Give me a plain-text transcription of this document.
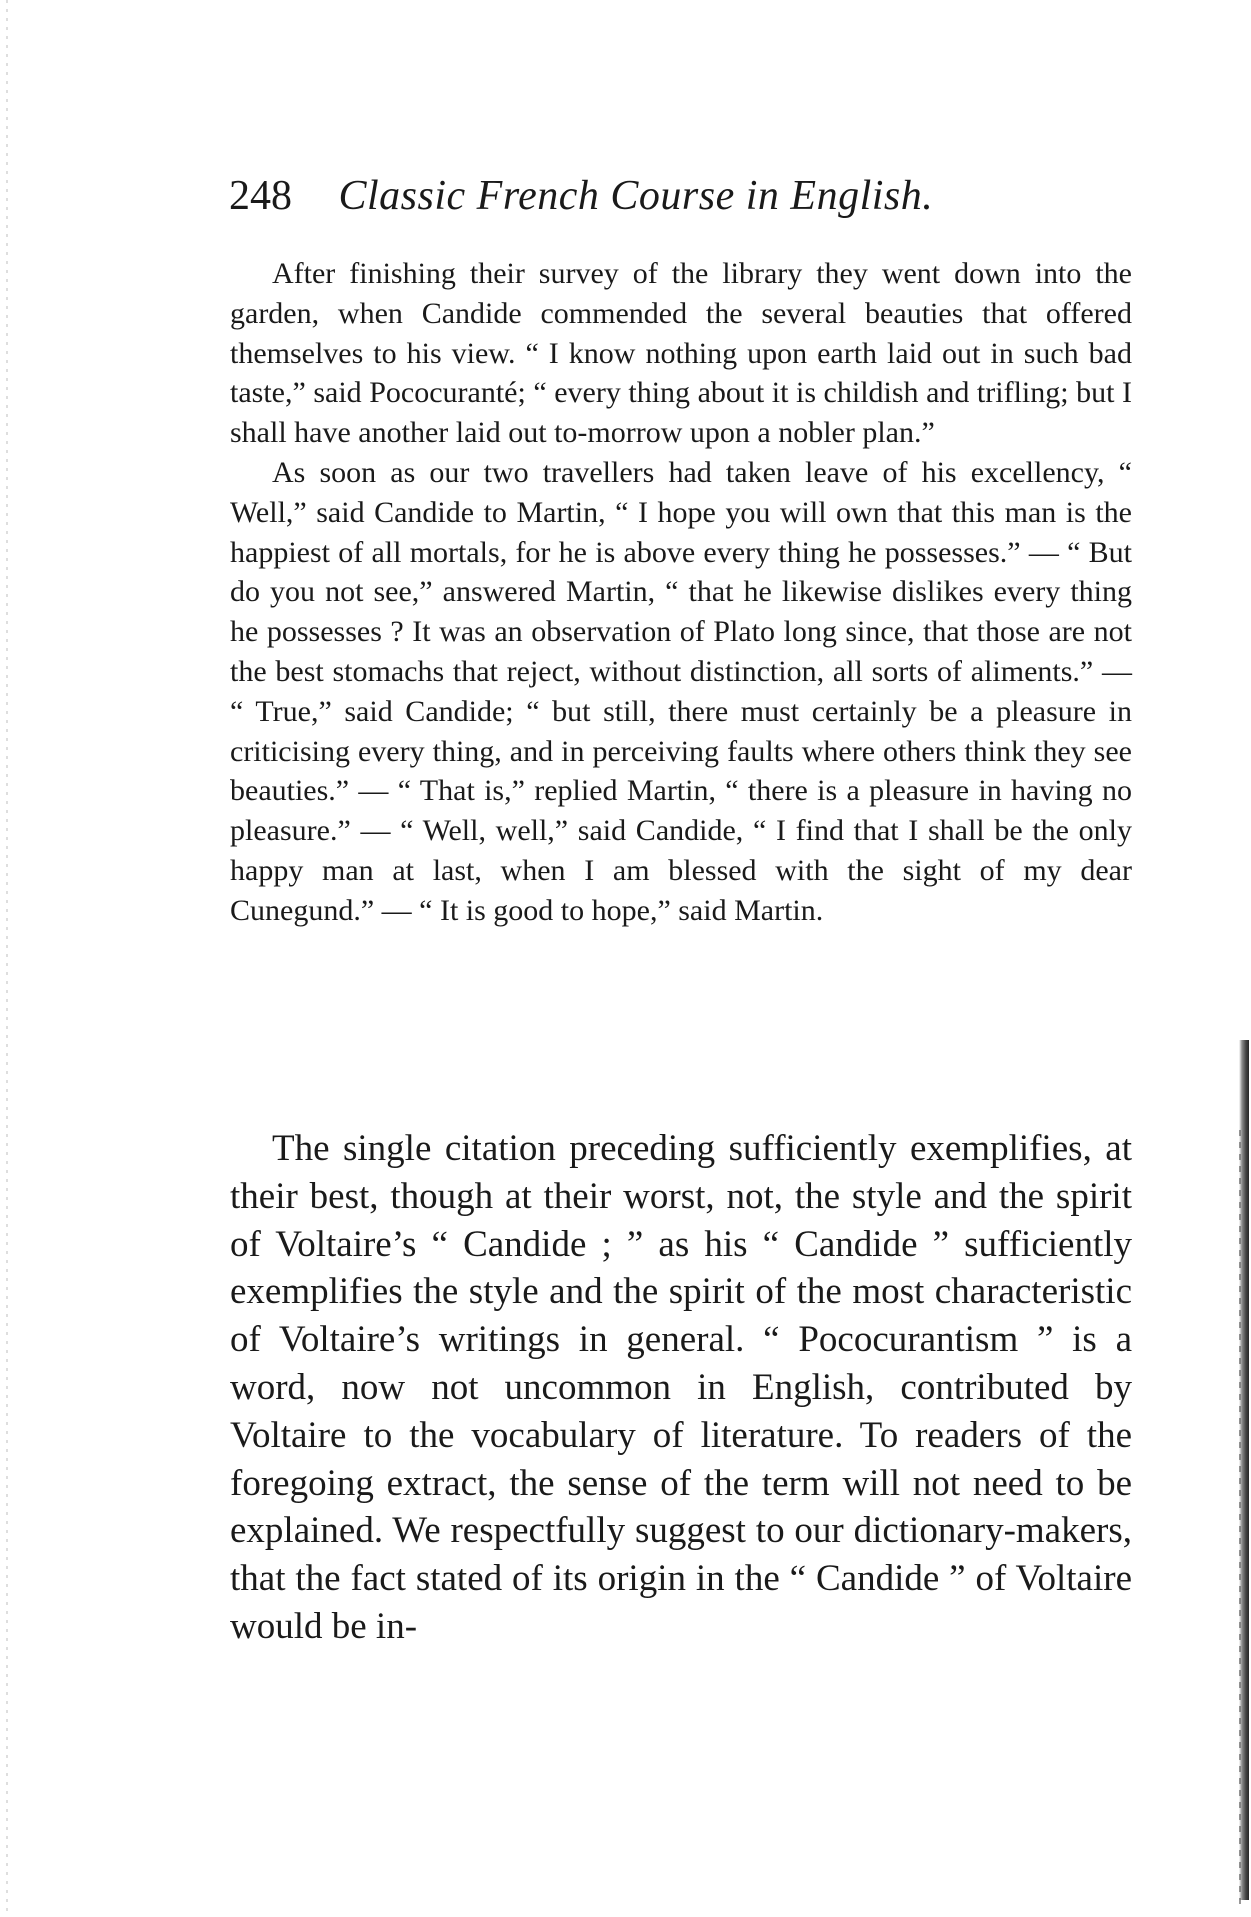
248 Classic French Course in English.

After finishing their survey of the library they went down into the garden, when Candide commended the several beauties that offered themselves to his view. “ I know nothing upon earth laid out in such bad taste,” said Pococuranté; “ every thing about it is childish and trifling; but I shall have another laid out to-morrow upon a nobler plan.”

As soon as our two travellers had taken leave of his excellency, “ Well,” said Candide to Martin, “ I hope you will own that this man is the happiest of all mortals, for he is above every thing he possesses.” — “ But do you not see,” answered Martin, “ that he likewise dislikes every thing he possesses ? It was an observation of Plato long since, that those are not the best stomachs that reject, without distinction, all sorts of aliments.” — “ True,” said Candide; “ but still, there must certainly be a pleasure in criticising every thing, and in perceiving faults where others think they see beauties.” — “ That is,” replied Martin, “ there is a pleasure in having no pleasure.” — “ Well, well,” said Candide, “ I find that I shall be the only happy man at last, when I am blessed with the sight of my dear Cunegund.” — “ It is good to hope,” said Martin.

The single citation preceding sufficiently exemplifies, at their best, though at their worst, not, the style and the spirit of Voltaire’s “ Candide ; ” as his “ Candide ” sufficiently exemplifies the style and the spirit of the most characteristic of Voltaire’s writings in general. “ Pococurantism ” is a word, now not uncommon in English, contributed by Voltaire to the vocabulary of literature. To readers of the foregoing extract, the sense of the term will not need to be explained. We respectfully suggest to our dictionary-makers, that the fact stated of its origin in the “ Candide ” of Voltaire would be in-
